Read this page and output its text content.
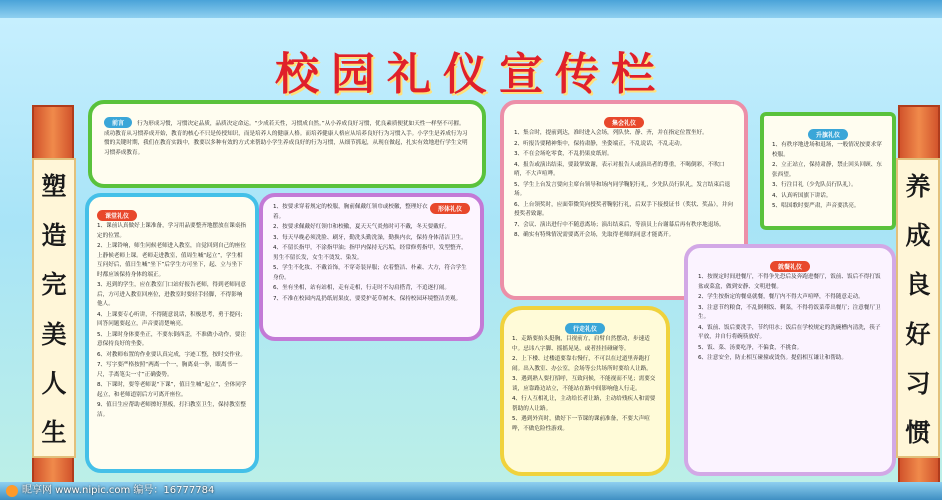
校园礼仪宣传栏
塑
造
完
美
人
生
养
成
良
好
习
惯
前言 行为形成习惯，习惯决定品质，品质决定命运。“少成若天性，习惯成自然。”从小养成良好习惯，优良素质便犹如天性一样坚不可摧。

成功教育从习惯养成开始，教育的核心不只是传授知识，而是培养人的健康人格。而培养健康人格应从培养良好行为习惯入手。小学生是养成行为习惯的关键时期，我们在教育实践中，教要以多种有效的方式来帮助小学生养成良好的行为习惯，从细节抓起，从现在做起，扎实有效地进行学生文明习惯养成教育。

课堂礼仪

1、课前认真做好上课准备，学习用品要整齐地摆放在课桌指定的位置。

2、上课铃响，师生问候老师进入教室，自觉回到自己的座位上静候老师上课。老师走进教室，值周生喊“起立”，学生相互问好后，值日生喊“坐下”后学生方可坐下，起、立与坐下时都应该保持身体的端正。

3、迟到的学生，应在教室门口站好报告老师，得到老师同意后，方可进入教室回座位，进教室时要轻手轻脚，不得影响他人。

4、上课要专心听讲，不得随意说话，积极思考，勇于提问；回答问题要起立，声音要清楚响亮。

5、上课时身体要坐正，不要东倒西歪，不准做小动作，要注意保持良好的坐姿。

6、对教师布置的作业要认真完成，字迹工整，按时交作业。

7、写字要严格按照“两离一个一，胸离桌一拳，眼离书一尺，手离笔尖一寸”正确姿势。

8、下课时，要等老师说“下课”，值日生喊“起立”，全体同学起立，和老师道别后方可离开座位。

9、值日生应帮助老师擦好黑板，打扫教室卫生，保持教室整洁。

形体礼仪

1、按要求穿着规定的校服，胸前佩戴红领巾或校徽，整理好衣着。

2、按要求佩戴好红领巾和校徽，夏天天气炎热时可不戴，冬天要戴好。

3、每天早晚必须洗脸、刷牙，勤洗头勤洗澡，勤换内衣，保持身体清洁卫生。

4、不留长指甲，不涂指甲油；指甲内保持无污垢，经常修剪指甲，发型整齐，男生不留长发，女生不烫发、染发。

5、学生不化妆、不戴首饰，不穿奇装异服；衣着整洁、朴素、大方，符合学生身份。

6、坐有坐相，站有站相，走有走相，行走时不勾肩搭背，不追逐打闹。

7、不准在校园内乱扔纸屑果皮，要爱护花草树木，保持校园环境整洁美观。

集会礼仪

1、集合时，提前到达，准时进入会场，列队快、静、齐，并在指定位置坐好。

2、听报告要精神集中，保持肃静，坐姿端正，不乱说话，不乱走动。

3、不在会场吃零食，不乱扔果皮纸屑。

4、报告或演出结束，要鼓掌致谢，表示对报告人或演出者的尊重，不喝倒彩，不吹口哨，不大声喧哗。

5、学生上台发言要向主席台领导和场内同学鞠躬行礼，少先队员行队礼，发言结束后退场。

6、上台领奖时，应面带微笑向授奖者鞠躬行礼，后双手下接授证书（奖状、奖品），并向授奖者致谢。

7、会议、演出进行中不随意离场；演出结束后，等演员上台谢幕后再有秩序地退场。

8、确实有特殊情况需要离开会场，先取得老师的同意才能离开。

升旗礼仪

1、有秩序地进场和退场，一般情况按要求穿校服。

2、立正站立，保持肃静，禁止回头回顾、东张西望。

3、行注目礼（少先队员行队礼）。

4、认真听国旗下讲话。

5、唱国歌时要严肃，声音要洪亮。

行走礼仪

1、走路要抬头挺胸，目视前方，肩臂自然摆动，步速适中。忌讳八字脚、摇摇晃晃，或者挂挂碰碰等。

2、上下楼、过楼道要靠右慢行，不可以在过道里奔跑打闹。出入教室、办公室，会场等公共场所时要给人让路。

3、遇到熟人要打招呼，互致问候，不能视而不见；需要交谈，应靠路边站立，不能站在路中间影响他人行走。

4、行人互相礼让，主动给长者让路，主动给残疾人和需要帮助的人让路。

5、遇到外宾时，做好下一节课的课前准备，不要大声喧哗，不做危险性游戏。

就餐礼仪

1、按规定时间进餐厅，不得争先恐后及奔跑进餐厅，饭前、饭后不得打饭盆或菜盒，做到安静、文明进餐。

2、学生按指定的餐桌就餐，餐厅内不得大声喧哗，不得随意走动。

3、注意节约粮食，不乱倒剩饭、剩菜，不得将饭菜带出餐厅；注意餐厅卫生。

4、饭前、饭后要洗手，节约用水；饭后在学校规定的洗碗槽内清洗，筷子平放，并自行将碗筷放好。

5、饭、菜、汤要吃净，不偏食，不挑食。

6、注意安全，防止相互碰撞或烫伤。提倡相互谦让和帮助。

昵享网 www.nipic.com 编号：16777784
